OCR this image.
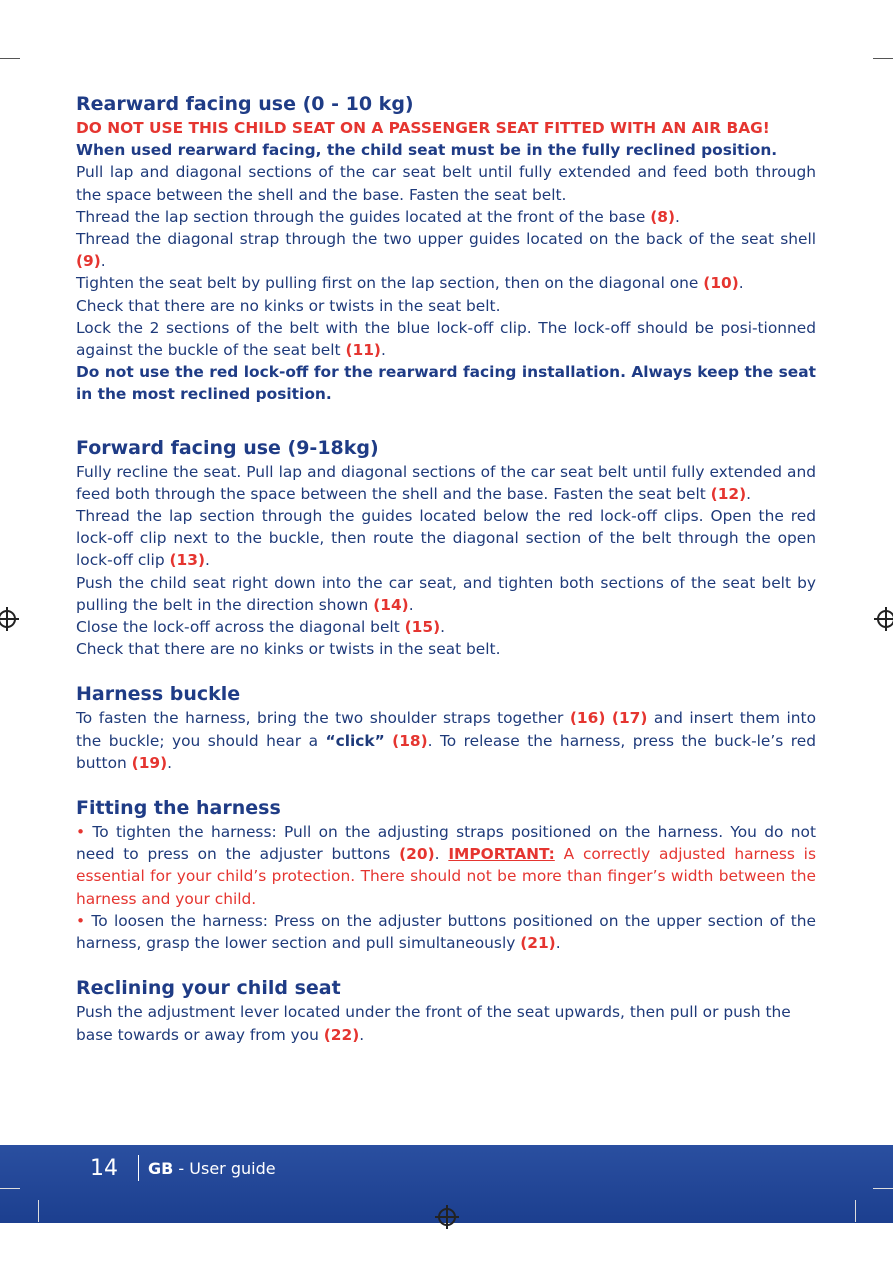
Rearward facing use (0 - 10 kg)

DO NOT USE THIS CHILD SEAT ON A PASSENGER SEAT FITTED WITH AN AIR BAG!

When used rearward facing, the child seat must be in the fully reclined position.

Pull lap and diagonal sections of the car seat belt until fully extended and feed both through the space between the shell and the base. Fasten the seat belt.

Thread the lap section through the guides located at the front of the base (8).

Thread the diagonal strap through the two upper guides located on the back of the seat shell (9).

Tighten the seat belt by pulling first on the lap section, then on the diagonal one (10).

Check that there are no kinks or twists in the seat belt.

Lock the 2 sections of the belt with the blue lock-off clip. The lock-off should be posi-tionned against the buckle of the seat belt (11).

Do not use the red lock-off for the rearward facing installation. Always keep the seat in the most reclined position.

Forward facing use (9-18kg)

Fully recline the seat. Pull lap and diagonal sections of the car seat belt until fully extended and feed both through the space between the shell and the base. Fasten the seat belt (12).

Thread the lap section through the guides located below the red lock-off clips. Open the red lock-off clip next to the buckle, then route the diagonal section of the belt through the open lock-off clip (13).

Push the child seat right down into the car seat, and tighten both sections of the seat belt by pulling the belt in the direction shown (14).

Close the lock-off across the diagonal belt (15).

Check that there are no kinks or twists in the seat belt.

Harness buckle

To fasten the harness, bring the two shoulder straps together (16) (17) and insert them into the buckle; you should hear a “click” (18). To release the harness, press the buck-le’s red button (19).

Fitting the harness

• To tighten the harness: Pull on the adjusting straps positioned on the harness. You do not need to press on the adjuster buttons (20). IMPORTANT: A correctly adjusted harness is essential for your child’s protection. There should not be more than finger’s width between the harness and your child.

• To loosen the harness: Press on the adjuster buttons positioned on the upper section of the harness, grasp the lower section and pull simultaneously (21).

Reclining your child seat

Push the adjustment lever located under the front of the seat upwards, then pull or push the base towards or away from you (22).

14 GB - User guide
